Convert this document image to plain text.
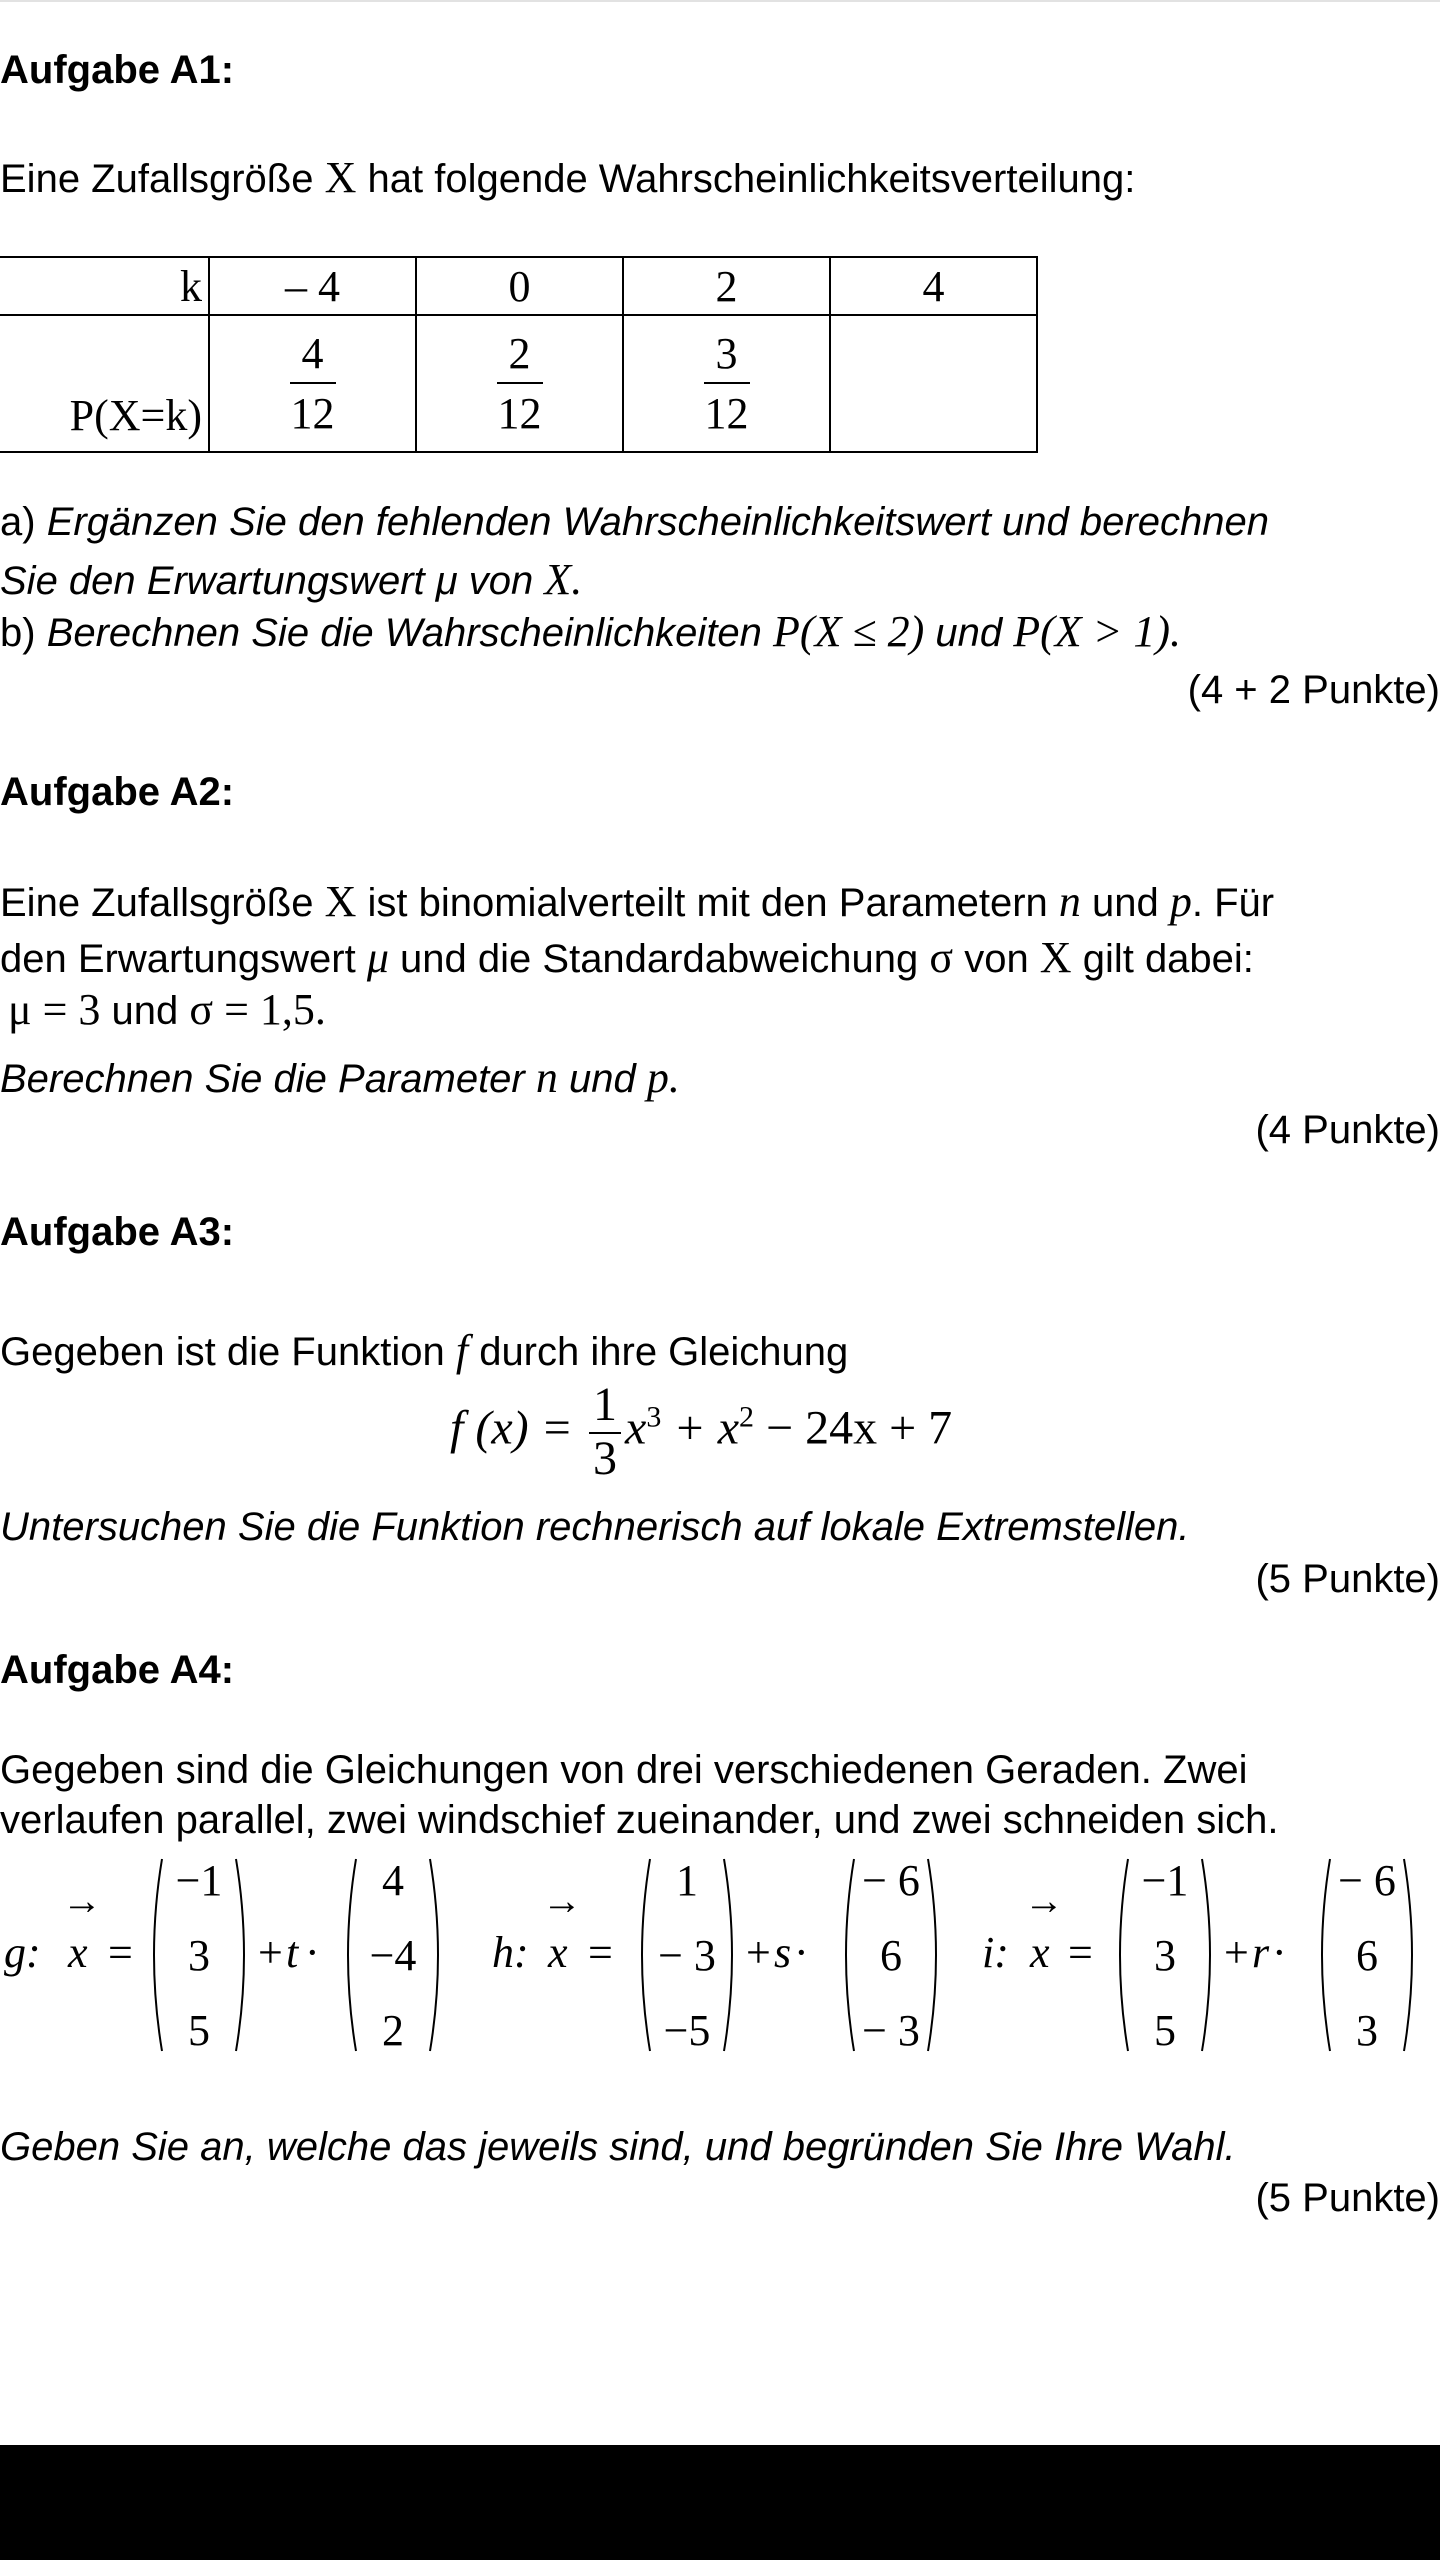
Aufgabe A1:
Eine Zufallsgröße X hat folgende Wahrscheinlichkeitsverteilung:
k	– 4	0	2	4
P(X=k)	$\frac{4}{12}$	$\frac{2}{12}$	$\frac{3}{12}$

a) Ergänzen Sie den fehlenden Wahrscheinlichkeitswert und berechnen
Sie den Erwartungswert μ von X.
b) Berechnen Sie die Wahrscheinlichkeiten P(X ≤ 2) und P(X > 1).
(4 + 2 Punkte)
Aufgabe A2:
Eine Zufallsgröße X ist binomialverteilt mit den Parametern n und p. Für
den Erwartungswert μ und die Standardabweichung σ von X gilt dabei:
μ = 3 und σ = 1,5.
Berechnen Sie die Parameter n und p.
(4 Punkte)
Aufgabe A3:
Gegeben ist die Funktion f durch ihre Gleichung
f $(x) = \frac{1}{3} x^3 + x^2 - 24x + 7$
Untersuchen Sie die Funktion rechnerisch auf lokale Extremstellen.
(5 Punkte)
Aufgabe A4:
Gegeben sind die Gleichungen von drei verschiedenen Geraden. Zwei
verlaufen parallel, zwei windschief zueinander, und zwei schneiden sich.
g:
→
x =
−1
3
5
+ t ·
4
−4
2
h:
→
x =
1
− 3
−5
+ s ·
− 6
6
− 3
i:
→
x =
−1
3
5
+ r ·
− 6
6
3
Geben Sie an, welche das jeweils sind, und begründen Sie Ihre Wahl.
(5 Punkte)
